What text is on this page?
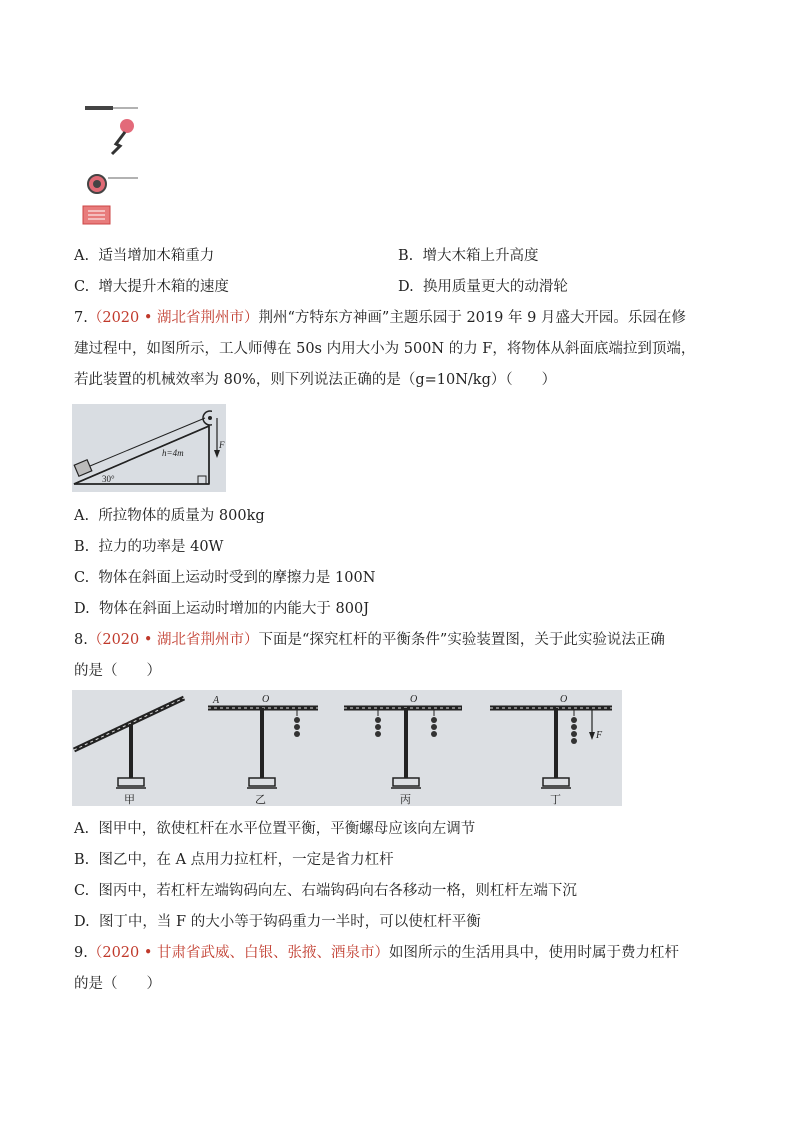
A. 适当增加木箱重力	B. 增大木箱上升高度
C. 增大提升木箱的速度	D. 换用质量更大的动滑轮
7.（2020 • 湖北省荆州市）荆州“方特东方神画”主题乐园于 2019 年 9 月盛大开园。乐园在修
建过程中，如图所示，工人师傅在 50s 内用大小为 500N 的力 F，将物体从斜面底端拉到顶端，
若此装置的机械效率为 80%，则下列说法正确的是（g=10N/kg）（　　）
h=4m
30°
F
A. 所拉物体的质量为 800kg
B. 拉力的功率是 40W
C. 物体在斜面上运动时受到的摩擦力是 100N
D. 物体在斜面上运动时增加的内能大于 800J
8.（2020 • 湖北省荆州市）下面是“探究杠杆的平衡条件”实验装置图，关于此实验说法正确
的是（　　）
甲
A	O
乙
O
丙
O
F
丁
A. 图甲中，欲使杠杆在水平位置平衡，平衡螺母应该向左调节
B. 图乙中，在 A 点用力拉杠杆，一定是省力杠杆
C. 图丙中，若杠杆左端钩码向左、右端钩码向右各移动一格，则杠杆左端下沉
D. 图丁中，当 F 的大小等于钩码重力一半时，可以使杠杆平衡
9.（2020 • 甘肃省武威、白银、张掖、酒泉市）如图所示的生活用具中，使用时属于费力杠杆
的是（　　）
